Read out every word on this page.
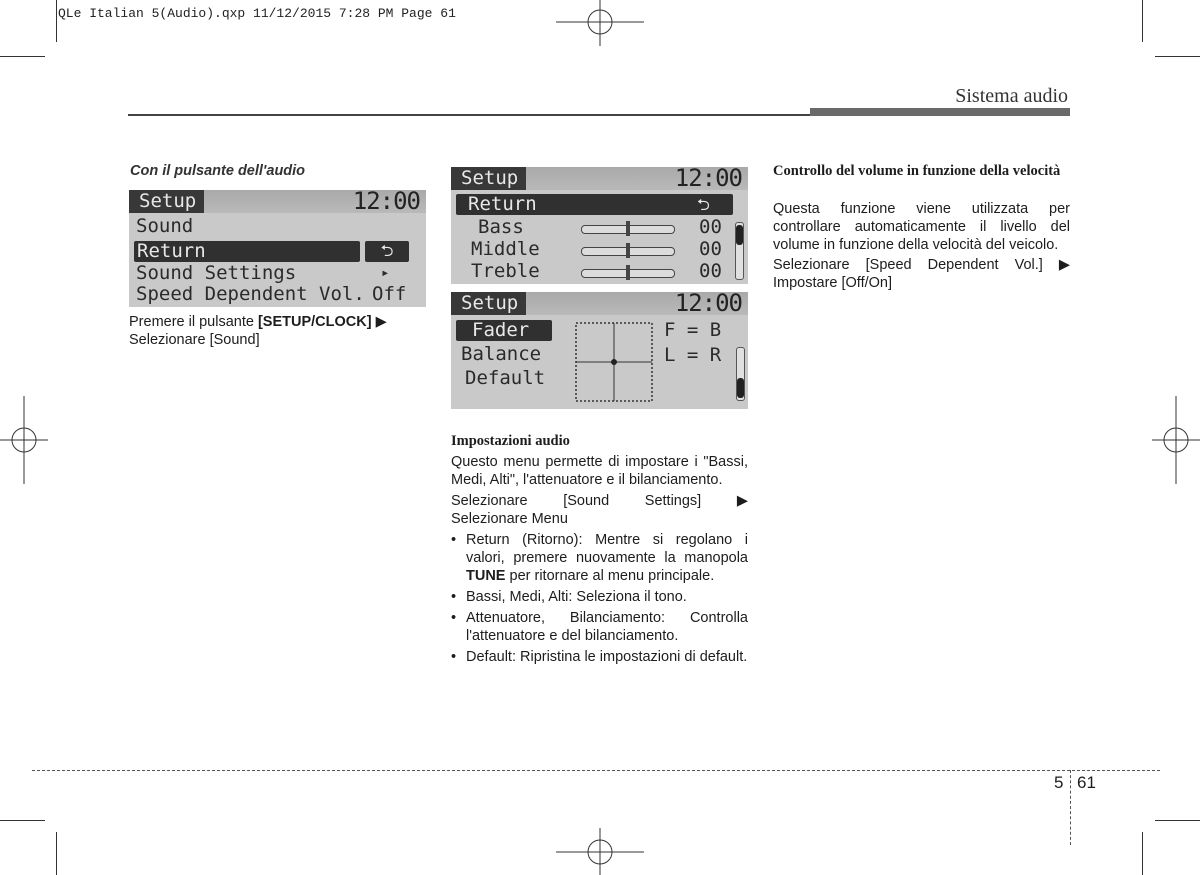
QLe Italian 5(Audio).qxp 11/12/2015 7:28 PM Page 61
Sistema audio
Con il pulsante dell'audio
Setup	12:00
Sound
Return	⮌
Sound Settings	▸
Speed Dependent Vol. Off
Premere il pulsante [SETUP/CLOCK] ▶
Selezionare [Sound]
Setup	12:00
Return	⮌
Bass	00
Middle	00
Treble	00
Setup	12:00
Fader
Balance
Default
F = B
L = R
Impostazioni audio
Questo menu permette di impostare i "Bassi, Medi, Alti", l'attenuatore e il bilanciamento.
Selezionare [Sound Settings] ▶
Selezionare Menu
• Return (Ritorno): Mentre si regolano i valori, premere nuovamente la manopola TUNE per ritornare al menu principale.
• Bassi, Medi, Alti: Seleziona il tono.
• Attenuatore, Bilanciamento: Controlla l'attenuatore e del bilanciamento.
• Default: Ripristina le impostazioni di default.
Controllo del volume in funzione della velocità
Questa funzione viene utilizzata per controllare automaticamente il livello del volume in funzione della velocità del veicolo.
Selezionare [Speed Dependent Vol.] ▶
Impostare [Off/On]
5 61
